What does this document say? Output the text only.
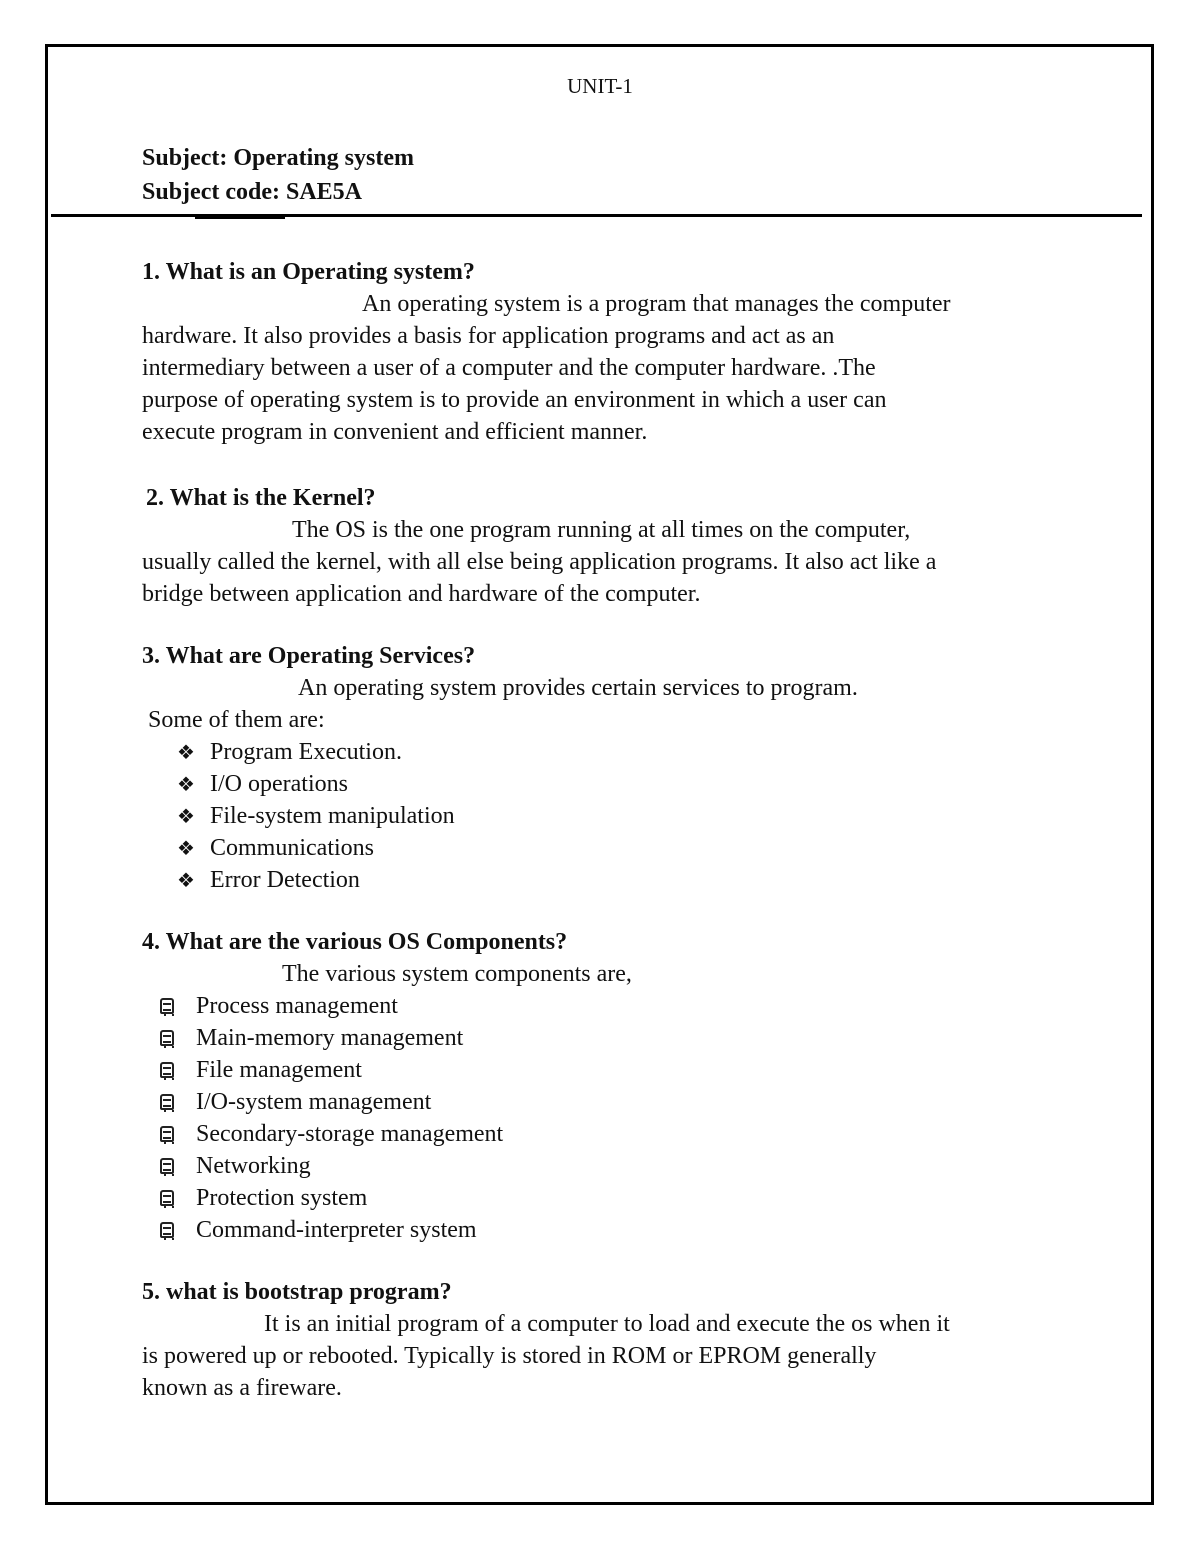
UNIT-1
Subject: Operating system
Subject code: SAE5A

1. What is an Operating system?

An operating system is a program that manages the computer

hardware. It also provides a basis for application programs and act as an

intermediary between a user of a computer and the computer hardware. .The

purpose of operating system is to provide an environment in which a user can

execute program in convenient and efficient manner.

2. What is the Kernel?

The OS is the one program running at all times on the computer,

usually called the kernel, with all else being application programs. It also act like a

bridge between application and hardware of the computer.

3. What are Operating Services?

An operating system provides certain services to program.

Some of them are:

❖ Program Execution.
❖ I/O operations
❖ File-system manipulation
❖ Communications
❖ Error Detection

4. What are the various OS Components?

The various system components are,

Process management
Main-memory management
File management
I/O-system management
Secondary-storage management
Networking
Protection system
Command-interpreter system

5. what is bootstrap program?

It is an initial program of a computer to load and execute the os when it

is powered up or rebooted. Typically is stored in ROM or EPROM generally

known as a fireware.
